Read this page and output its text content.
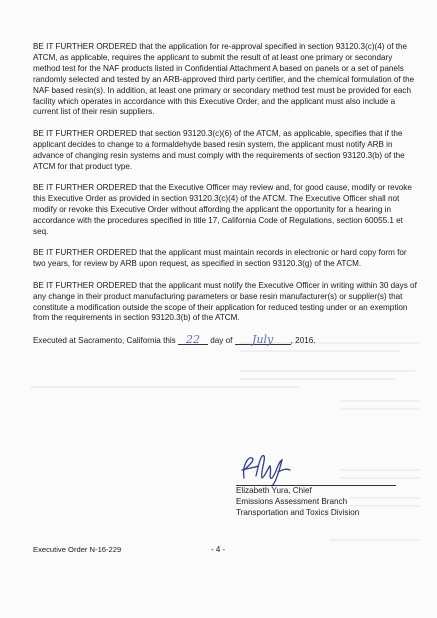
BE IT FURTHER ORDERED that the application for re-approval specified in section 93120.3(c)(4) of the ATCM, as applicable, requires the applicant to submit the result of at least one primary or secondary method test for the NAF products listed in Confidential Attachment A based on panels or a set of panels randomly selected and tested by an ARB-approved third party certifier, and the chemical formulation of the NAF based resin(s). In addition, at least one primary or secondary method test must be provided for each facility which operates in accordance with this Executive Order, and the applicant must also include a current list of their resin suppliers.

BE IT FURTHER ORDERED that section 93120.3(c)(6) of the ATCM, as applicable, specifies that if the applicant decides to change to a formaldehyde based resin system, the applicant must notify ARB in advance of changing resin systems and must comply with the requirements of section 93120.3(b) of the ATCM for that product type.

BE IT FURTHER ORDERED that the Executive Officer may review and, for good cause, modify or revoke this Executive Order as provided in section 93120.3(c)(4) of the ATCM. The Executive Officer shall not modify or revoke this Executive Order without affording the applicant the opportunity for a hearing in accordance with the procedures specified in title 17, California Code of Regulations, section 60055.1 et seq.

BE IT FURTHER ORDERED that the applicant must maintain records in electronic or hard copy form for two years, for review by ARB upon request, as specified in section 93120.3(g) of the ATCM.

BE IT FURTHER ORDERED that the applicant must notify the Executive Officer in writing within 30 days of any change in their product manufacturing parameters or base resin manufacturer(s) or supplier(s) that constitute a modification outside the scope of their application for reduced testing under or an exemption from the requirements in section 93120.3(b) of the ATCM.

Executed at Sacramento, California this 22 day of July , 2016.

Elizabeth Yura, Chief
Emissions Assessment Branch
Transportation and Toxics Division
Executive Order N-16-229	- 4 -
